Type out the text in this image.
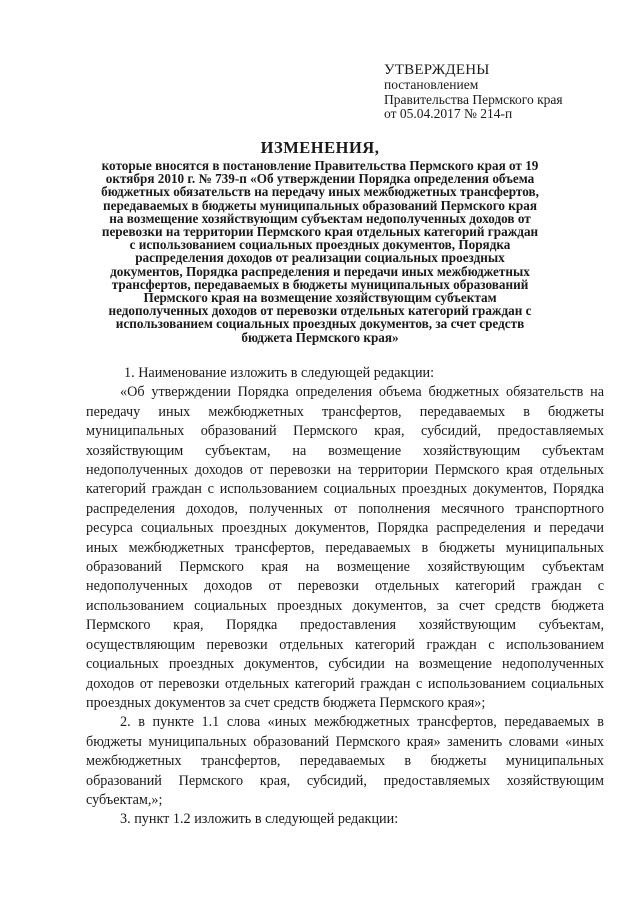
УТВЕРЖДЕНЫ
постановлением
Правительства Пермского края
от 05.04.2017 № 214-п
ИЗМЕНЕНИЯ,
которые вносятся в постановление Правительства Пермского края от 19 октября 2010 г. № 739-п «Об утверждении Порядка определения объема бюджетных обязательств на передачу иных межбюджетных трансфертов, передаваемых в бюджеты муниципальных образований Пермского края на возмещение хозяйствующим субъектам недополученных доходов от перевозки на территории Пермского края отдельных категорий граждан с использованием социальных проездных документов, Порядка распределения доходов от реализации социальных проездных документов, Порядка распределения и передачи иных межбюджетных трансфертов, передаваемых в бюджеты муниципальных образований Пермского края на возмещение хозяйствующим субъектам недополученных доходов от перевозки отдельных категорий граждан с использованием социальных проездных документов, за счет средств бюджета Пермского края»

1. Наименование изложить в следующей редакции:

«Об утверждении Порядка определения объема бюджетных обязательств на передачу иных межбюджетных трансфертов, передаваемых в бюджеты муниципальных образований Пермского края, субсидий, предоставляемых хозяйствующим субъектам, на возмещение хозяйствующим субъектам недополученных доходов от перевозки на территории Пермского края отдельных категорий граждан с использованием социальных проездных документов, Порядка распределения доходов, полученных от пополнения месячного транспортного ресурса социальных проездных документов, Порядка распределения и передачи иных межбюджетных трансфертов, передаваемых в бюджеты муниципальных образований Пермского края на возмещение хозяйствующим субъектам недополученных доходов от перевозки отдельных категорий граждан с использованием социальных проездных документов, за счет средств бюджета Пермского края, Порядка предоставления хозяйствующим субъектам, осуществляющим перевозки отдельных категорий граждан с использованием социальных проездных документов, субсидии на возмещение недополученных доходов от перевозки отдельных категорий граждан с использованием социальных проездных документов за счет средств бюджета Пермского края»;

2. в пункте 1.1 слова «иных межбюджетных трансфертов, передаваемых в бюджеты муниципальных образований Пермского края» заменить словами «иных межбюджетных трансфертов, передаваемых в бюджеты муниципальных образований Пермского края, субсидий, предоставляемых хозяйствующим субъектам,»;

3. пункт 1.2 изложить в следующей редакции:
